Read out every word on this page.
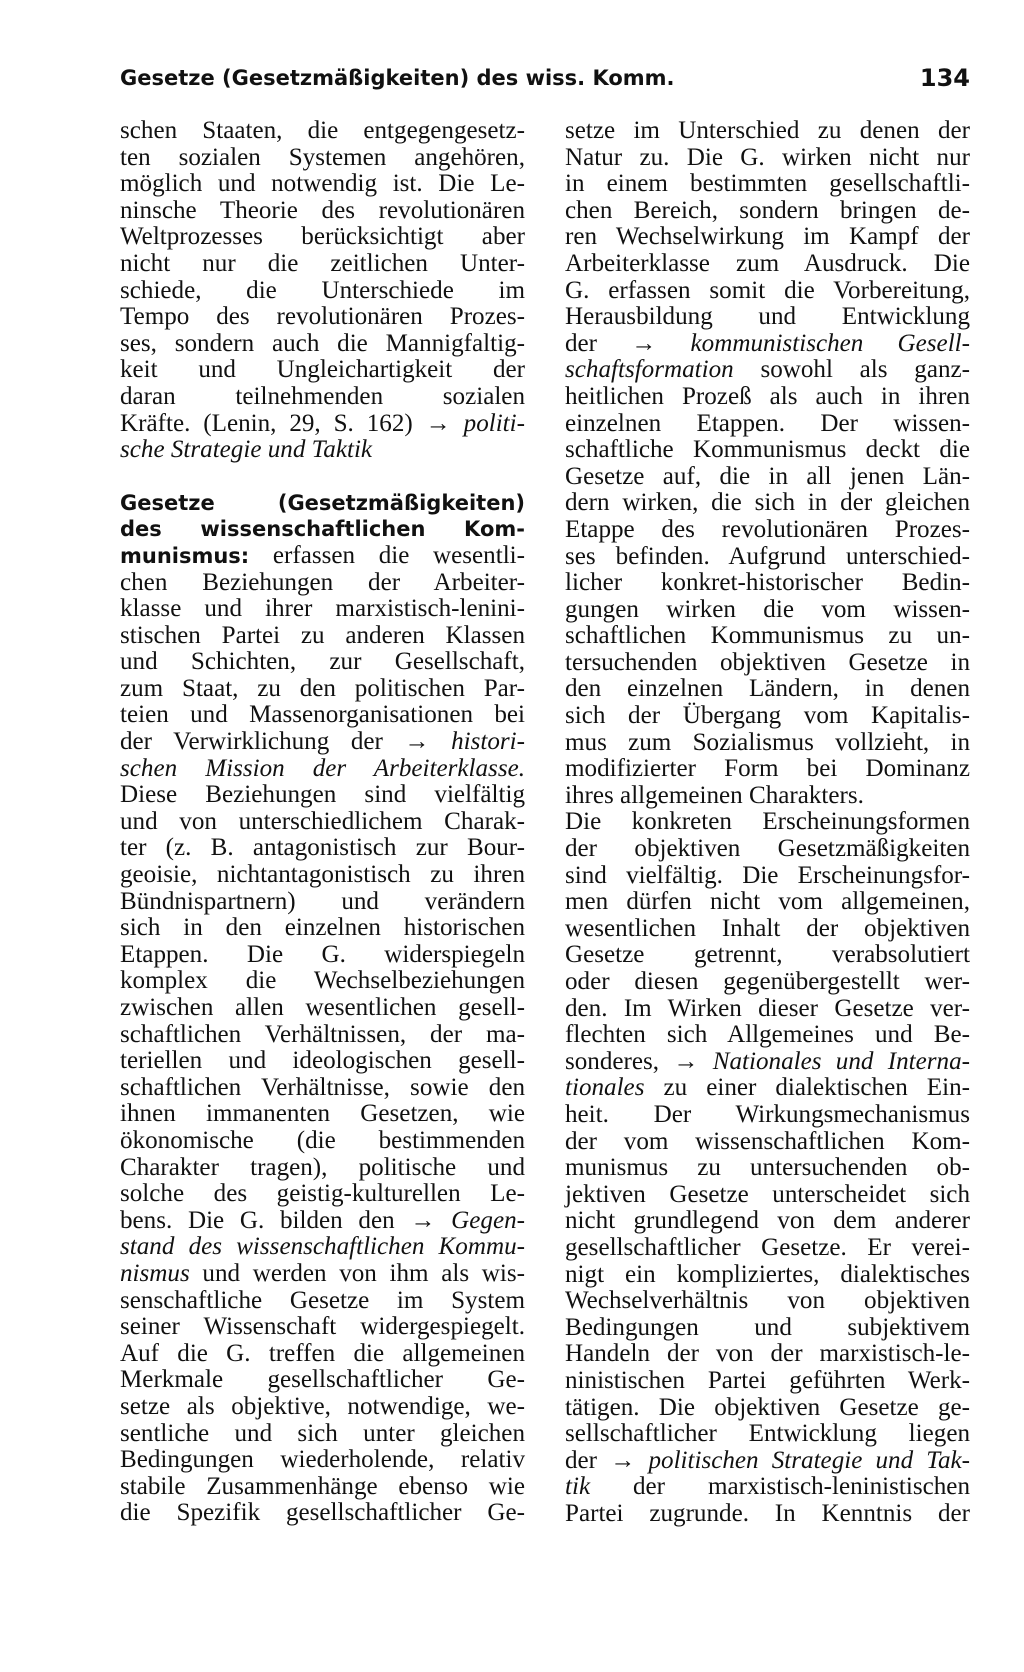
Gesetze (Gesetzmäßigkeiten) des wiss. Komm.	134
schen Staaten, die entgegengesetz-
ten sozialen Systemen angehören,
möglich und notwendig ist. Die Le-
ninsche Theorie des revolutionären
Weltprozesses berücksichtigt aber
nicht nur die zeitlichen Unter-
schiede, die Unterschiede im
Tempo des revolutionären Prozes-
ses, sondern auch die Mannigfaltig-
keit und Ungleichartigkeit der
daran teilnehmenden sozialen
Kräfte. (Lenin, 29, S. 162) → politi-
sche Strategie und Taktik
Gesetze (Gesetzmäßigkeiten)
des wissenschaftlichen Kom-
munismus: erfassen die wesentli-
chen Beziehungen der Arbeiter-
klasse und ihrer marxistisch-lenini-
stischen Partei zu anderen Klassen
und Schichten, zur Gesellschaft,
zum Staat, zu den politischen Par-
teien und Massenorganisationen bei
der Verwirklichung der → histori-
schen Mission der Arbeiterklasse.
Diese Beziehungen sind vielfältig
und von unterschiedlichem Charak-
ter (z. B. antagonistisch zur Bour-
geoisie, nichtantagonistisch zu ihren
Bündnispartnern) und verändern
sich in den einzelnen historischen
Etappen. Die G. widerspiegeln
komplex die Wechselbeziehungen
zwischen allen wesentlichen gesell-
schaftlichen Verhältnissen, der ma-
teriellen und ideologischen gesell-
schaftlichen Verhältnisse, sowie den
ihnen immanenten Gesetzen, wie
ökonomische (die bestimmenden
Charakter tragen), politische und
solche des geistig-kulturellen Le-
bens. Die G. bilden den → Gegen-
stand des wissenschaftlichen Kommu-
nismus und werden von ihm als wis-
senschaftliche Gesetze im System
seiner Wissenschaft widergespiegelt.
Auf die G. treffen die allgemeinen
Merkmale gesellschaftlicher Ge-
setze als objektive, notwendige, we-
sentliche und sich unter gleichen
Bedingungen wiederholende, relativ
stabile Zusammenhänge ebenso wie
die Spezifik gesellschaftlicher Ge-
setze im Unterschied zu denen der
Natur zu. Die G. wirken nicht nur
in einem bestimmten gesellschaftli-
chen Bereich, sondern bringen de-
ren Wechselwirkung im Kampf der
Arbeiterklasse zum Ausdruck. Die
G. erfassen somit die Vorbereitung,
Herausbildung und Entwicklung
der → kommunistischen Gesell-
schaftsformation sowohl als ganz-
heitlichen Prozeß als auch in ihren
einzelnen Etappen. Der wissen-
schaftliche Kommunismus deckt die
Gesetze auf, die in all jenen Län-
dern wirken, die sich in der gleichen
Etappe des revolutionären Prozes-
ses befinden. Aufgrund unterschied-
licher konkret-historischer Bedin-
gungen wirken die vom wissen-
schaftlichen Kommunismus zu un-
tersuchenden objektiven Gesetze in
den einzelnen Ländern, in denen
sich der Übergang vom Kapitalis-
mus zum Sozialismus vollzieht, in
modifizierter Form bei Dominanz
ihres allgemeinen Charakters.
Die konkreten Erscheinungsformen
der objektiven Gesetzmäßigkeiten
sind vielfältig. Die Erscheinungsfor-
men dürfen nicht vom allgemeinen,
wesentlichen Inhalt der objektiven
Gesetze getrennt, verabsolutiert
oder diesen gegenübergestellt wer-
den. Im Wirken dieser Gesetze ver-
flechten sich Allgemeines und Be-
sonderes, → Nationales und Interna-
tionales zu einer dialektischen Ein-
heit. Der Wirkungsmechanismus
der vom wissenschaftlichen Kom-
munismus zu untersuchenden ob-
jektiven Gesetze unterscheidet sich
nicht grundlegend von dem anderer
gesellschaftlicher Gesetze. Er verei-
nigt ein kompliziertes, dialektisches
Wechselverhältnis von objektiven
Bedingungen und subjektivem
Handeln der von der marxistisch-le-
ninistischen Partei geführten Werk-
tätigen. Die objektiven Gesetze ge-
sellschaftlicher Entwicklung liegen
der → politischen Strategie und Tak-
tik der marxistisch-leninistischen
Partei zugrunde. In Kenntnis der
